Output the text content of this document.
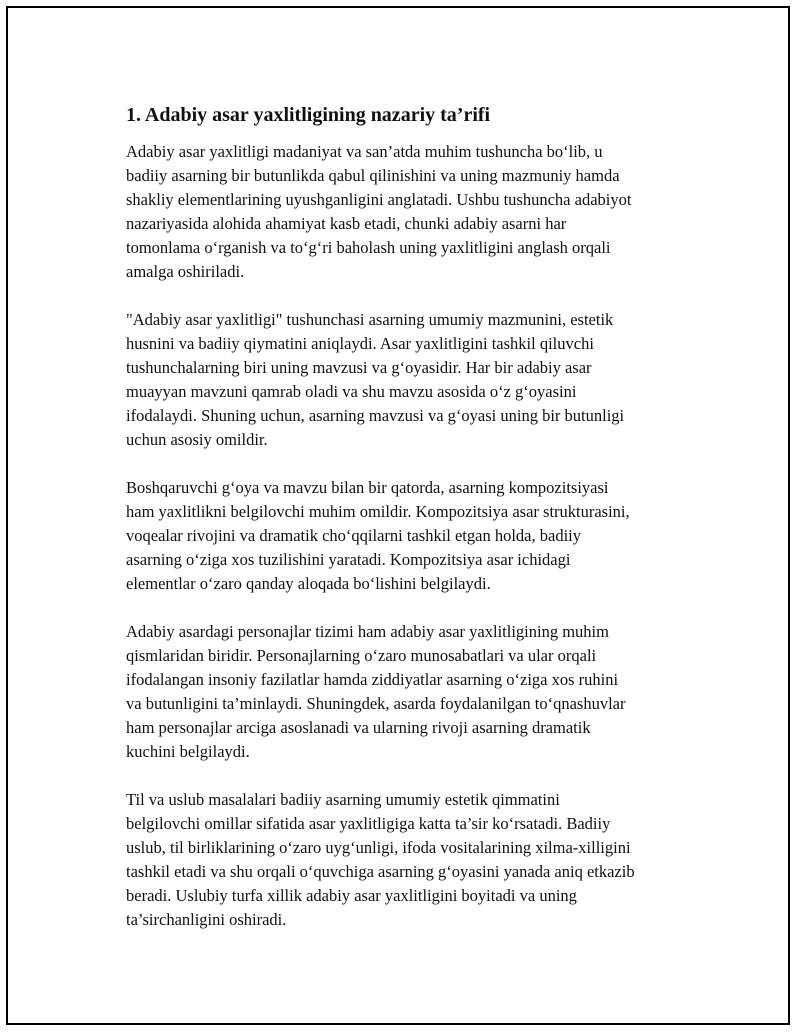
1. Adabiy asar yaxlitligining nazariy ta’rifi
Adabiy asar yaxlitligi madaniyat va san’atda muhim tushuncha bo‘lib, u
badiiy asarning bir butunlikda qabul qilinishini va uning mazmuniy hamda
shakliy elementlarining uyushganligini anglatadi. Ushbu tushuncha adabiyot
nazariyasida alohida ahamiyat kasb etadi, chunki adabiy asarni har
tomonlama o‘rganish va to‘g‘ri baholash uning yaxlitligini anglash orqali
amalga oshiriladi.
"Adabiy asar yaxlitligi" tushunchasi asarning umumiy mazmunini, estetik
husnini va badiiy qiymatini aniqlaydi. Asar yaxlitligini tashkil qiluvchi
tushunchalarning biri uning mavzusi va g‘oyasidir. Har bir adabiy asar
muayyan mavzuni qamrab oladi va shu mavzu asosida o‘z g‘oyasini
ifodalaydi. Shuning uchun, asarning mavzusi va g‘oyasi uning bir butunligi
uchun asosiy omildir.
Boshqaruvchi g‘oya va mavzu bilan bir qatorda, asarning kompozitsiyasi
ham yaxlitlikni belgilovchi muhim omildir. Kompozitsiya asar strukturasini,
voqealar rivojini va dramatik cho‘qqilarni tashkil etgan holda, badiiy
asarning o‘ziga xos tuzilishini yaratadi. Kompozitsiya asar ichidagi
elementlar o‘zaro qanday aloqada bo‘lishini belgilaydi.
Adabiy asardagi personajlar tizimi ham adabiy asar yaxlitligining muhim
qismlaridan biridir. Personajlarning o‘zaro munosabatlari va ular orqali
ifodalangan insoniy fazilatlar hamda ziddiyatlar asarning o‘ziga xos ruhini
va butunligini ta’minlaydi. Shuningdek, asarda foydalanilgan to‘qnashuvlar
ham personajlar arciga asoslanadi va ularning rivoji asarning dramatik
kuchini belgilaydi.
Til va uslub masalalari badiiy asarning umumiy estetik qimmatini
belgilovchi omillar sifatida asar yaxlitligiga katta ta’sir ko‘rsatadi. Badiiy
uslub, til birliklarining o‘zaro uyg‘unligi, ifoda vositalarining xilma-xilligini
tashkil etadi va shu orqali o‘quvchiga asarning g‘oyasini yanada aniq etkazib
beradi. Uslubiy turfa xillik adabiy asar yaxlitligini boyitadi va uning
ta’sirchanligini oshiradi.
